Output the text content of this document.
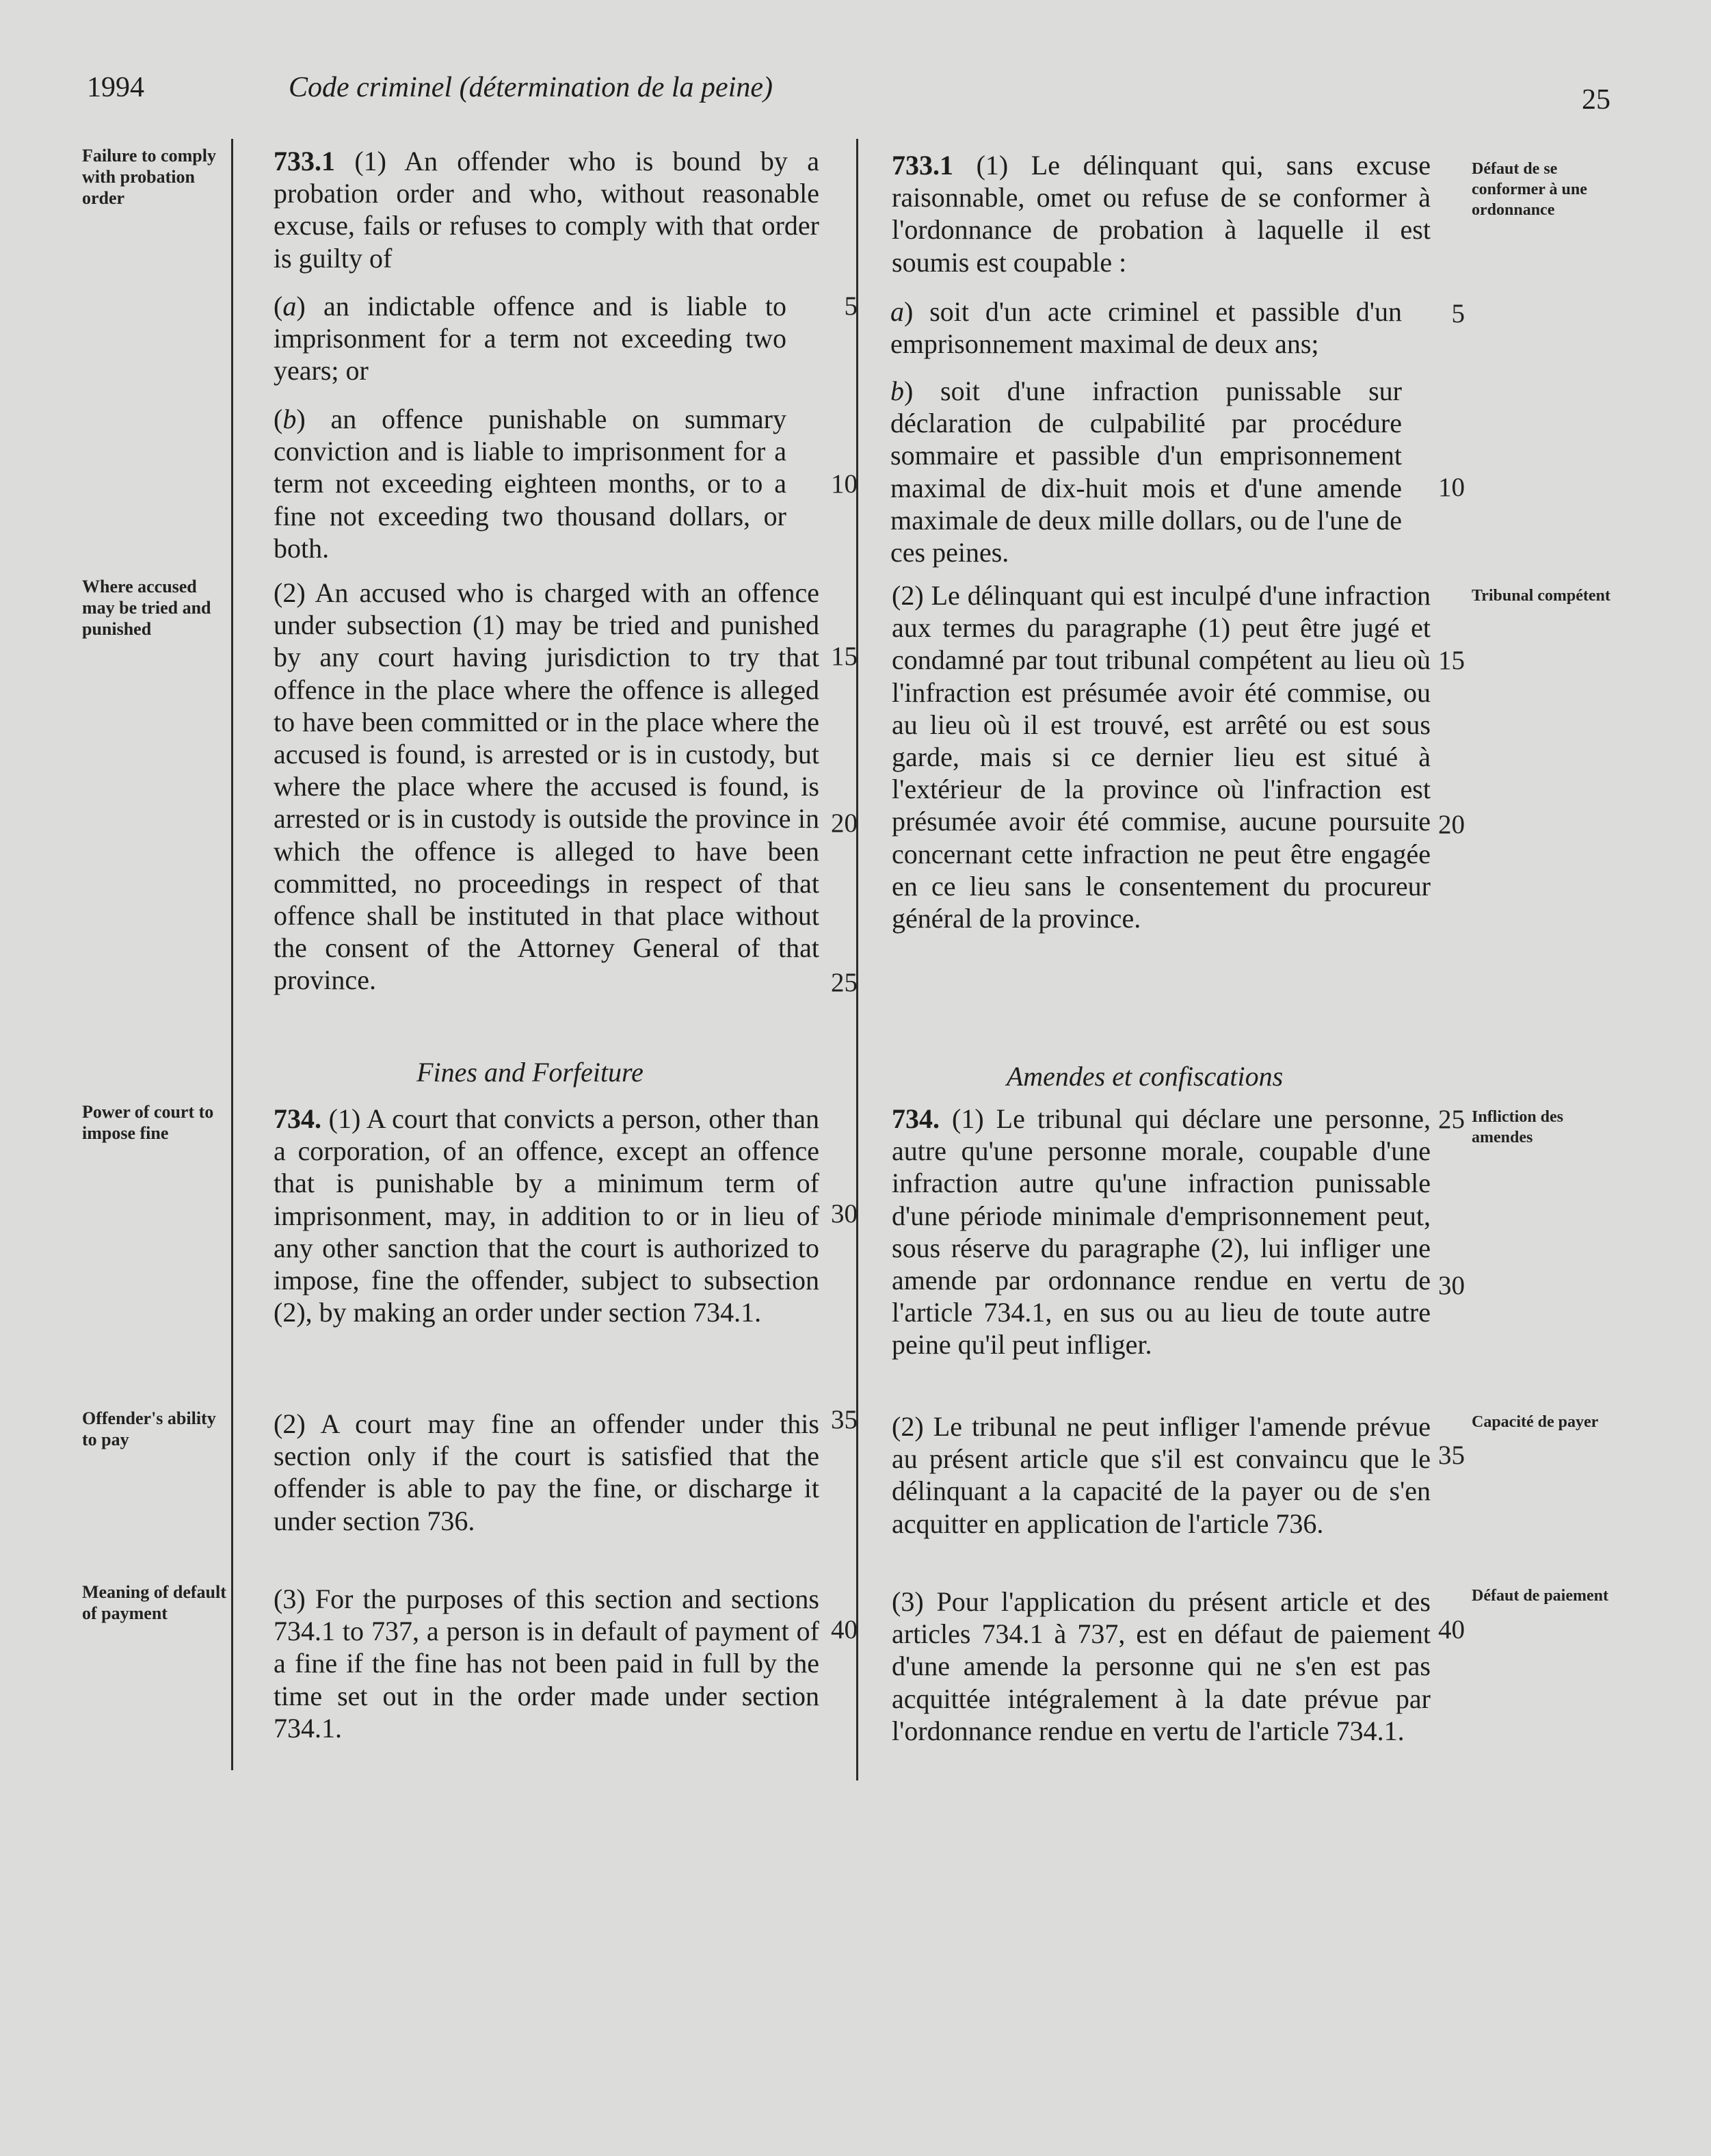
1994	Code criminel (détermination de la peine)	25
Failure to comply with probation order
Where accused may be tried and punished
Power of court to impose fine
Offender's ability to pay
Meaning of default of payment
Défaut de se conformer à une ordonnance
Tribunal compétent
Infliction des amendes
Capacité de payer
Défaut de paiement
5
10
15
20
25
30
35
40
5
10
15
20
25
30
35
40

733.1 (1) An offender who is bound by a probation order and who, without reasonable excuse, fails or refuses to comply with that order is guilty of

(a) an indictable offence and is liable to imprisonment for a term not exceeding two years; or

(b) an offence punishable on summary conviction and is liable to imprisonment for a term not exceeding eighteen months, or to a fine not exceeding two thousand dollars, or both.

(2) An accused who is charged with an offence under subsection (1) may be tried and punished by any court having jurisdiction to try that offence in the place where the offence is alleged to have been committed or in the place where the accused is found, is arrested or is in custody, but where the place where the accused is found, is arrested or is in custody is outside the province in which the offence is alleged to have been committed, no proceedings in respect of that offence shall be instituted in that place without the consent of the Attorney General of that province.

Fines and Forfeiture

734. (1) A court that convicts a person, other than a corporation, of an offence, except an offence that is punishable by a minimum term of imprisonment, may, in addition to or in lieu of any other sanction that the court is authorized to impose, fine the offender, subject to subsection (2), by making an order under section 734.1.

(2) A court may fine an offender under this section only if the court is satisfied that the offender is able to pay the fine, or discharge it under section 736.

(3) For the purposes of this section and sections 734.1 to 737, a person is in default of payment of a fine if the fine has not been paid in full by the time set out in the order made under section 734.1.

733.1 (1) Le délinquant qui, sans excuse raisonnable, omet ou refuse de se conformer à l'ordonnance de probation à laquelle il est soumis est coupable :

a) soit d'un acte criminel et passible d'un emprisonnement maximal de deux ans;

b) soit d'une infraction punissable sur déclaration de culpabilité par procédure sommaire et passible d'un emprisonnement maximal de dix-huit mois et d'une amende maximale de deux mille dollars, ou de l'une de ces peines.

(2) Le délinquant qui est inculpé d'une infraction aux termes du paragraphe (1) peut être jugé et condamné par tout tribunal compétent au lieu où l'infraction est présumée avoir été commise, ou au lieu où il est trouvé, est arrêté ou est sous garde, mais si ce dernier lieu est situé à l'extérieur de la province où l'infraction est présumée avoir été commise, aucune poursuite concernant cette infraction ne peut être engagée en ce lieu sans le consentement du procureur général de la province.

Amendes et confiscations

734. (1) Le tribunal qui déclare une personne, autre qu'une personne morale, coupable d'une infraction autre qu'une infraction punissable d'une période minimale d'emprisonnement peut, sous réserve du paragraphe (2), lui infliger une amende par ordonnance rendue en vertu de l'article 734.1, en sus ou au lieu de toute autre peine qu'il peut infliger.

(2) Le tribunal ne peut infliger l'amende prévue au présent article que s'il est convaincu que le délinquant a la capacité de la payer ou de s'en acquitter en application de l'article 736.

(3) Pour l'application du présent article et des articles 734.1 à 737, est en défaut de paiement d'une amende la personne qui ne s'en est pas acquittée intégralement à la date prévue par l'ordonnance rendue en vertu de l'article 734.1.
